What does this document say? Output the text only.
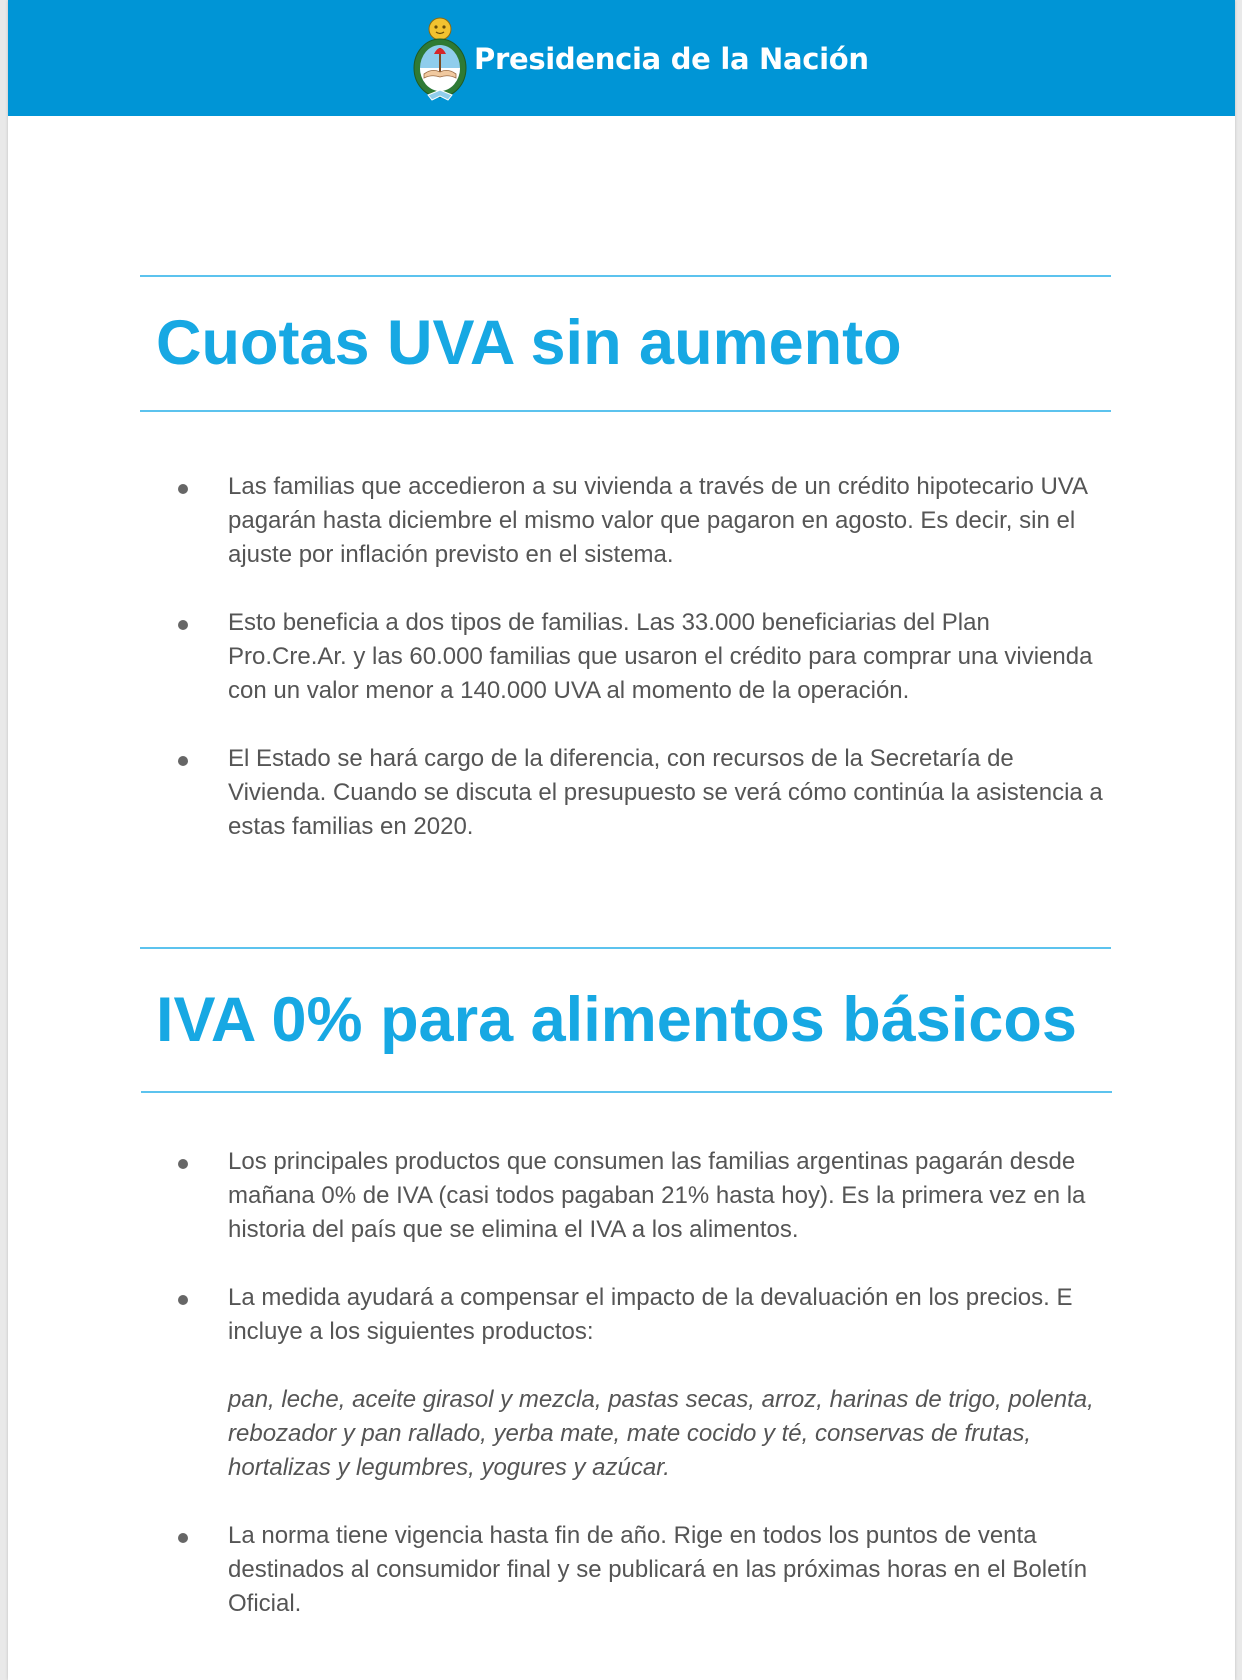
Presidencia de la Nación
Cuotas UVA sin aumento
Las familias que accedieron a su vivienda a través de un crédito hipotecario UVA pagarán hasta diciembre el mismo valor que pagaron en agosto. Es decir, sin el ajuste por inflación previsto en el sistema.
Esto beneficia a dos tipos de familias. Las 33.000 beneficiarias del Plan Pro.Cre.Ar. y las 60.000 familias que usaron el crédito para comprar una vivienda con un valor menor a 140.000 UVA al momento de la operación.
El Estado se hará cargo de la diferencia, con recursos de la Secretaría de Vivienda. Cuando se discuta el presupuesto se verá cómo continúa la asistencia a estas familias en 2020.
IVA 0% para alimentos básicos
Los principales productos que consumen las familias argentinas pagarán desde mañana 0% de IVA (casi todos pagaban 21% hasta hoy). Es la primera vez en la historia del país que se elimina el IVA a los alimentos.
La medida ayudará a compensar el impacto de la devaluación en los precios. E incluye a los siguientes productos:
pan, leche, aceite girasol y mezcla, pastas secas, arroz, harinas de trigo, polenta, rebozador y pan rallado, yerba mate, mate cocido y té, conservas de frutas, hortalizas y legumbres, yogures y azúcar.
La norma tiene vigencia hasta fin de año. Rige en todos los puntos de venta destinados al consumidor final y se publicará en las próximas horas en el Boletín Oficial.
